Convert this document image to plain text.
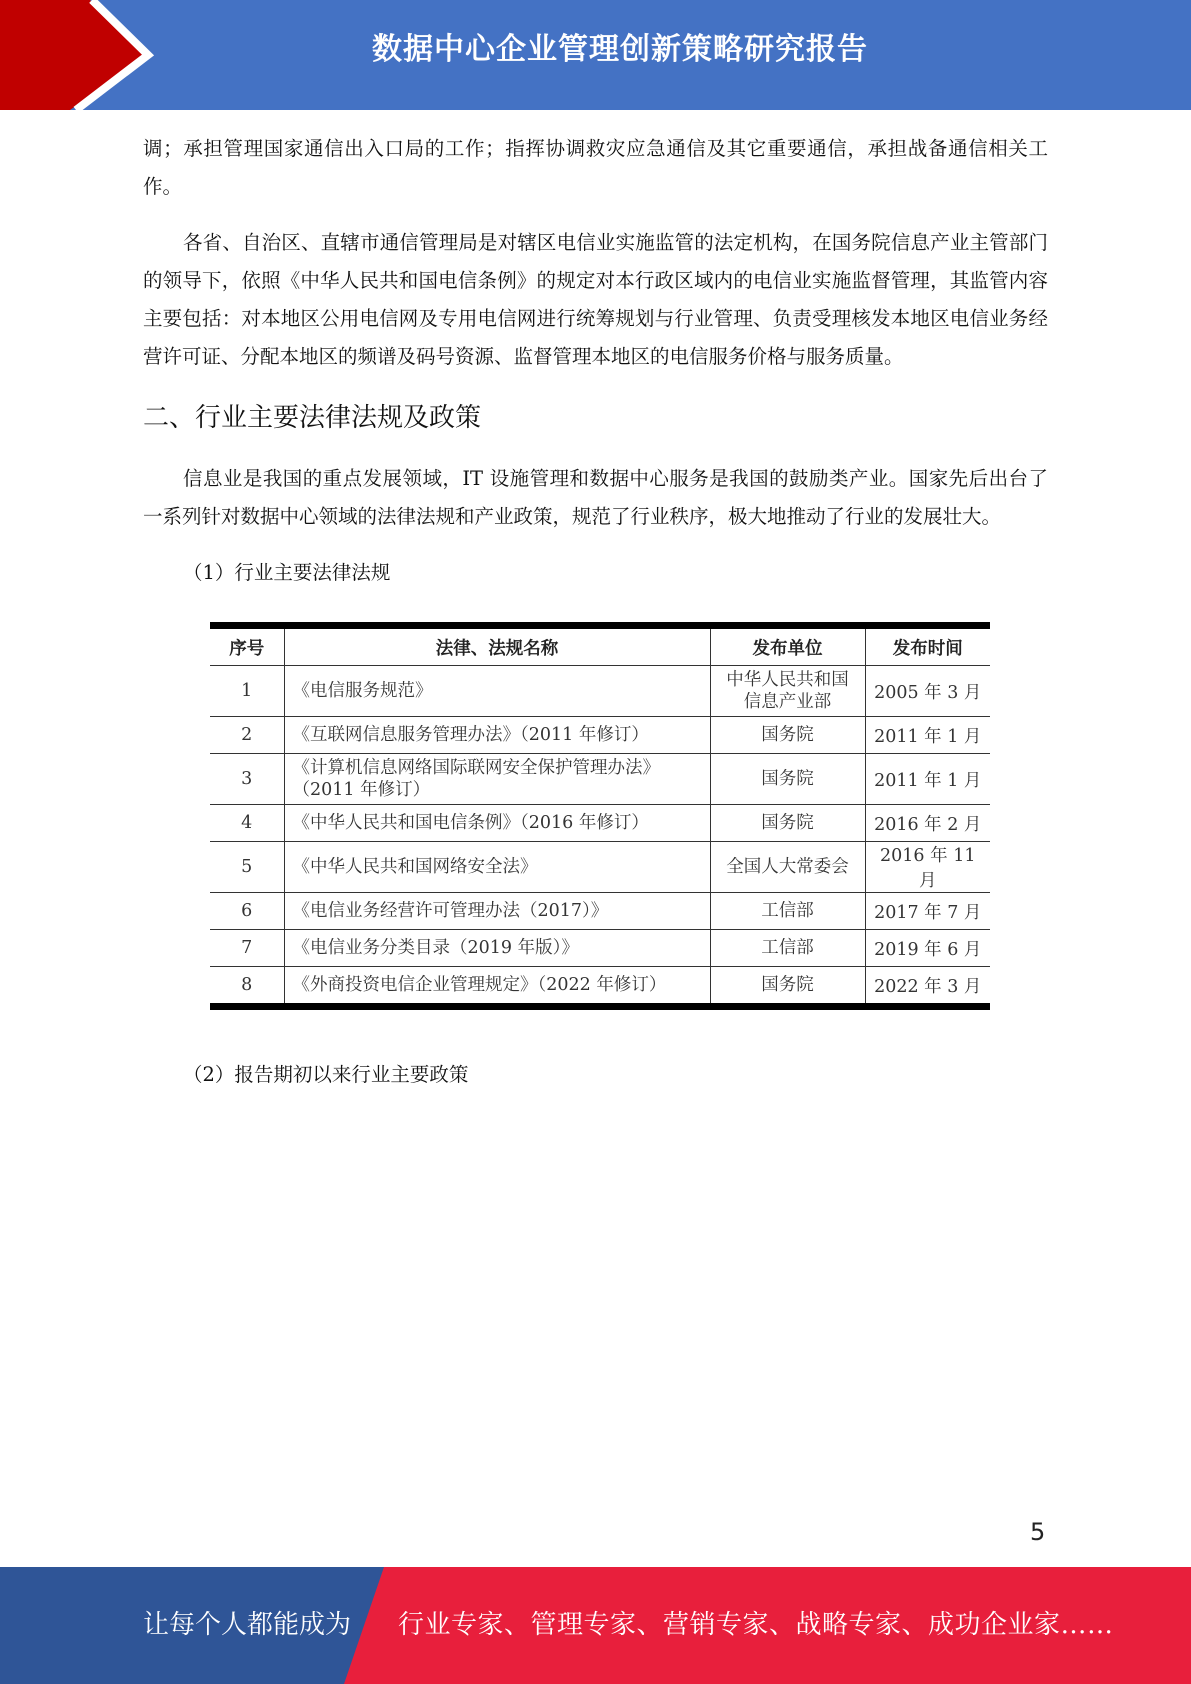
数据中心企业管理创新策略研究报告

调；承担管理国家通信出入口局的工作；指挥协调救灾应急通信及其它重要通信，承担战备通信相关工作。

各省、自治区、直辖市通信管理局是对辖区电信业实施监管的法定机构，在国务院信息产业主管部门的领导下，依照《中华人民共和国电信条例》的规定对本行政区域内的电信业实施监督管理，其监管内容主要包括：对本地区公用电信网及专用电信网进行统筹规划与行业管理、负责受理核发本地区电信业务经营许可证、分配本地区的频谱及码号资源、监督管理本地区的电信服务价格与服务质量。

二、行业主要法律法规及政策

信息业是我国的重点发展领域，IT 设施管理和数据中心服务是我国的鼓励类产业。国家先后出台了一系列针对数据中心领域的法律法规和产业政策，规范了行业秩序，极大地推动了行业的发展壮大。

（1）行业主要法律法规
序号	法律、法规名称	发布单位	发布时间
1	《电信服务规范》	中华人民共和国信息产业部	2005 年 3 月
2	《互联网信息服务管理办法》（2011 年修订）	国务院	2011 年 1 月
3	《计算机信息网络国际联网安全保护管理办法》（2011 年修订）	国务院	2011 年 1 月
4	《中华人民共和国电信条例》（2016 年修订）	国务院	2016 年 2 月
5	《中华人民共和国网络安全法》	全国人大常委会	2016 年 11 月
6	《电信业务经营许可管理办法（2017）》	工信部	2017 年 7 月
7	《电信业务分类目录（2019 年版）》	工信部	2019 年 6 月
8	《外商投资电信企业管理规定》（2022 年修订）	国务院	2022 年 3 月
（2）报告期初以来行业主要政策
5
让每个人都能成为 行业专家、管理专家、营销专家、战略专家、成功企业家……
